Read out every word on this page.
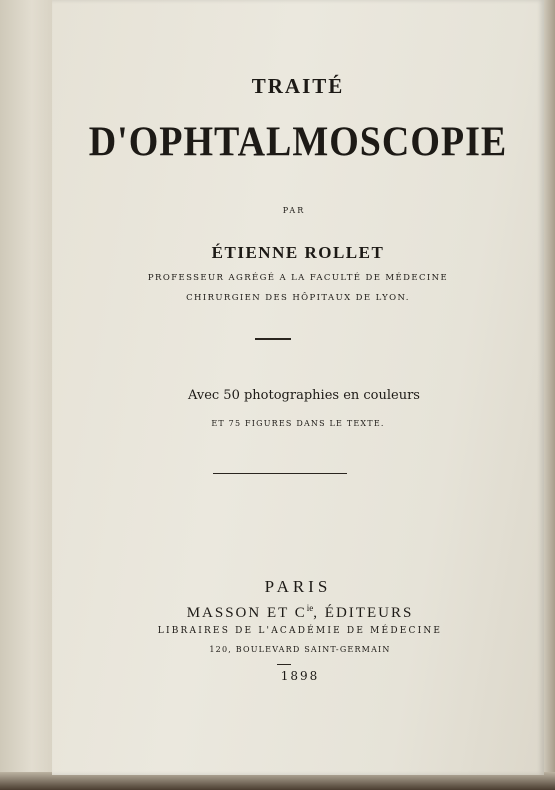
TRAITÉ
D'OPHTALMOSCOPIE
PAR
ÉTIENNE ROLLET
PROFESSEUR AGRÉGÉ A LA FACULTÉ DE MÉDECINE
CHIRURGIEN DES HÔPITAUX DE LYON.
Avec 50 photographies en couleurs
ET 75 FIGURES DANS LE TEXTE.
PARIS
MASSON ET $C^{ie}$, ÉDITEURS
LIBRAIRES DE L'ACADÉMIE DE MÉDECINE
120, BOULEVARD SAINT-GERMAIN
1898
